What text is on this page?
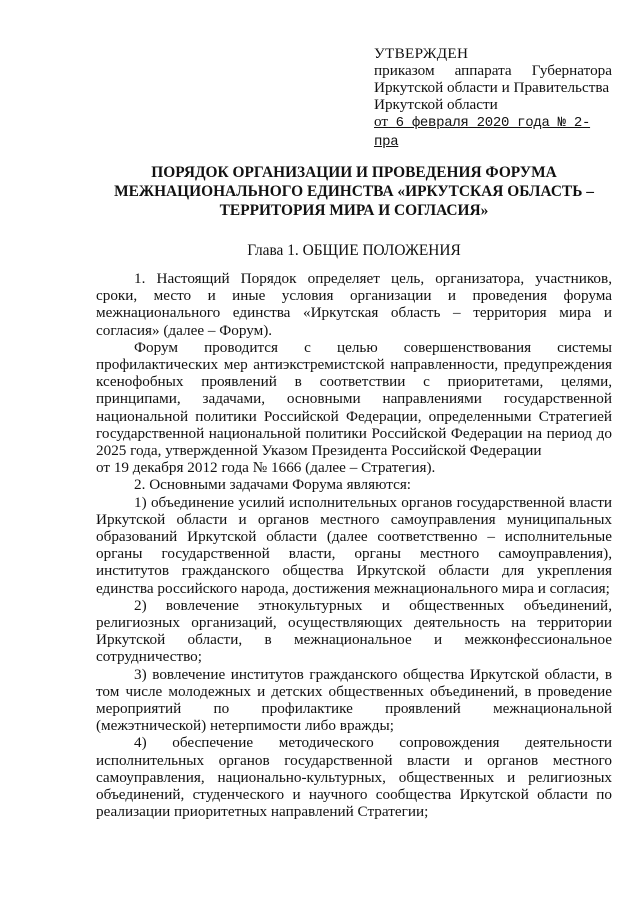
УТВЕРЖДЕН
приказом аппарата Губернатора
Иркутской области и Правительства
Иркутской области
от 6 февраля 2020 года № 2-пра
ПОРЯДОК ОРГАНИЗАЦИИ И ПРОВЕДЕНИЯ ФОРУМА
МЕЖНАЦИОНАЛЬНОГО ЕДИНСТВА «ИРКУТСКАЯ ОБЛАСТЬ –
ТЕРРИТОРИЯ МИРА И СОГЛАСИЯ»
Глава 1. ОБЩИЕ ПОЛОЖЕНИЯ

1. Настоящий Порядок определяет цель, организатора, участников, сроки, место и иные условия организации и проведения форума межнационального единства «Иркутская область – территория мира и согласия» (далее – Форум).

Форум проводится с целью совершенствования системы профилактических мер антиэкстремистской направленности, предупреждения ксенофобных проявлений в соответствии с приоритетами, целями, принципами, задачами, основными направлениями государственной национальной политики Российской Федерации, определенными Стратегией государственной национальной политики Российской Федерации на период до 2025 года, утвержденной Указом Президента Российской Федерации

от 19 декабря 2012 года № 1666 (далее – Стратегия).

2. Основными задачами Форума являются:

1) объединение усилий исполнительных органов государственной власти Иркутской области и органов местного самоуправления муниципальных образований Иркутской области (далее соответственно – исполнительные органы государственной власти, органы местного самоуправления), институтов гражданского общества Иркутской области для укрепления единства российского народа, достижения межнационального мира и согласия;

2) вовлечение этнокультурных и общественных объединений, религиозных организаций, осуществляющих деятельность на территории Иркутской области, в межнациональное и межконфессиональное сотрудничество;

3) вовлечение институтов гражданского общества Иркутской области, в том числе молодежных и детских общественных объединений, в проведение мероприятий по профилактике проявлений межнациональной (межэтнической) нетерпимости либо вражды;

4) обеспечение методического сопровождения деятельности исполнительных органов государственной власти и органов местного самоуправления, национально-культурных, общественных и религиозных объединений, студенческого и научного сообщества Иркутской области по реализации приоритетных направлений Стратегии;
